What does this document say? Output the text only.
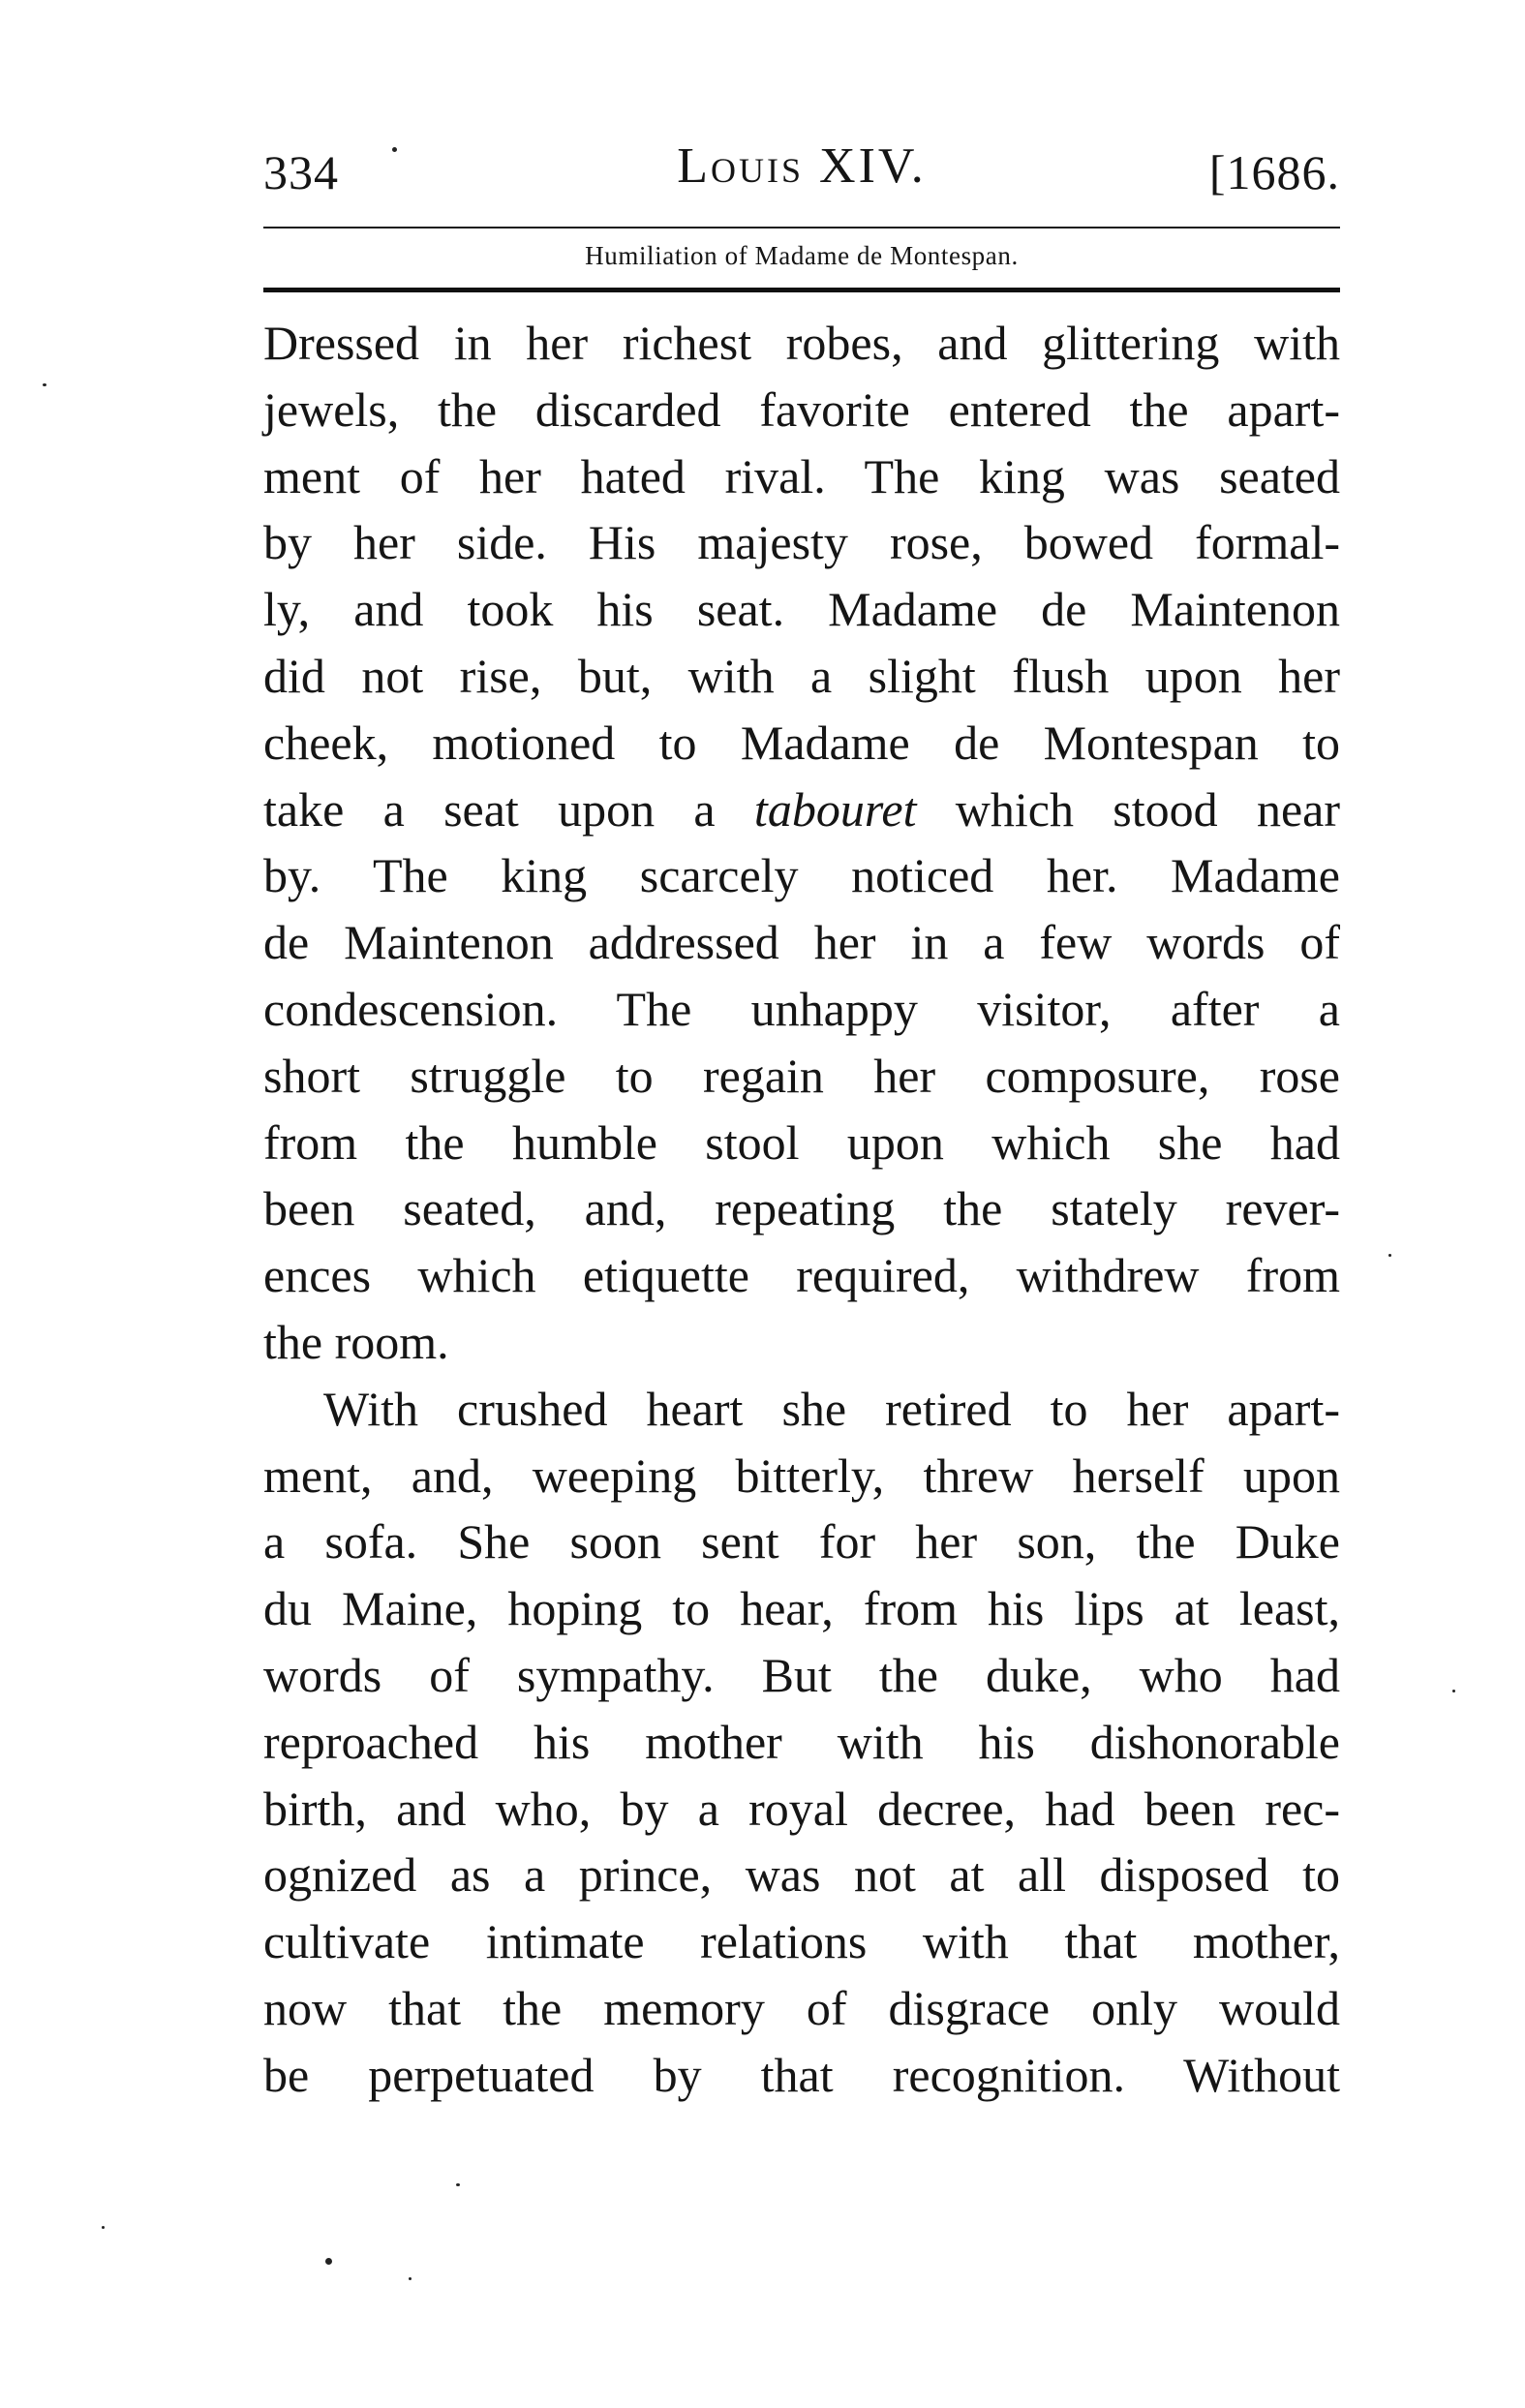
334	Louis XIV.	[1686.
Humiliation of Madame de Montespan.
Dressed in her richest robes, and glittering with
jewels, the discarded favorite entered the apart-
ment of her hated rival. The king was seated
by her side. His majesty rose, bowed formal-
ly, and took his seat. Madame de Maintenon
did not rise, but, with a slight flush upon her
cheek, motioned to Madame de Montespan to
take a seat upon a tabouret which stood near
by. The king scarcely noticed her. Madame
de Maintenon addressed her in a few words of
condescension. The unhappy visitor, after a
short struggle to regain her composure, rose
from the humble stool upon which she had
been seated, and, repeating the stately rever-
ences which etiquette required, withdrew from
the room.
With crushed heart she retired to her apart-
ment, and, weeping bitterly, threw herself upon
a sofa. She soon sent for her son, the Duke
du Maine, hoping to hear, from his lips at least,
words of sympathy. But the duke, who had
reproached his mother with his dishonorable
birth, and who, by a royal decree, had been rec-
ognized as a prince, was not at all disposed to
cultivate intimate relations with that mother,
now that the memory of disgrace only would
be perpetuated by that recognition. Without
